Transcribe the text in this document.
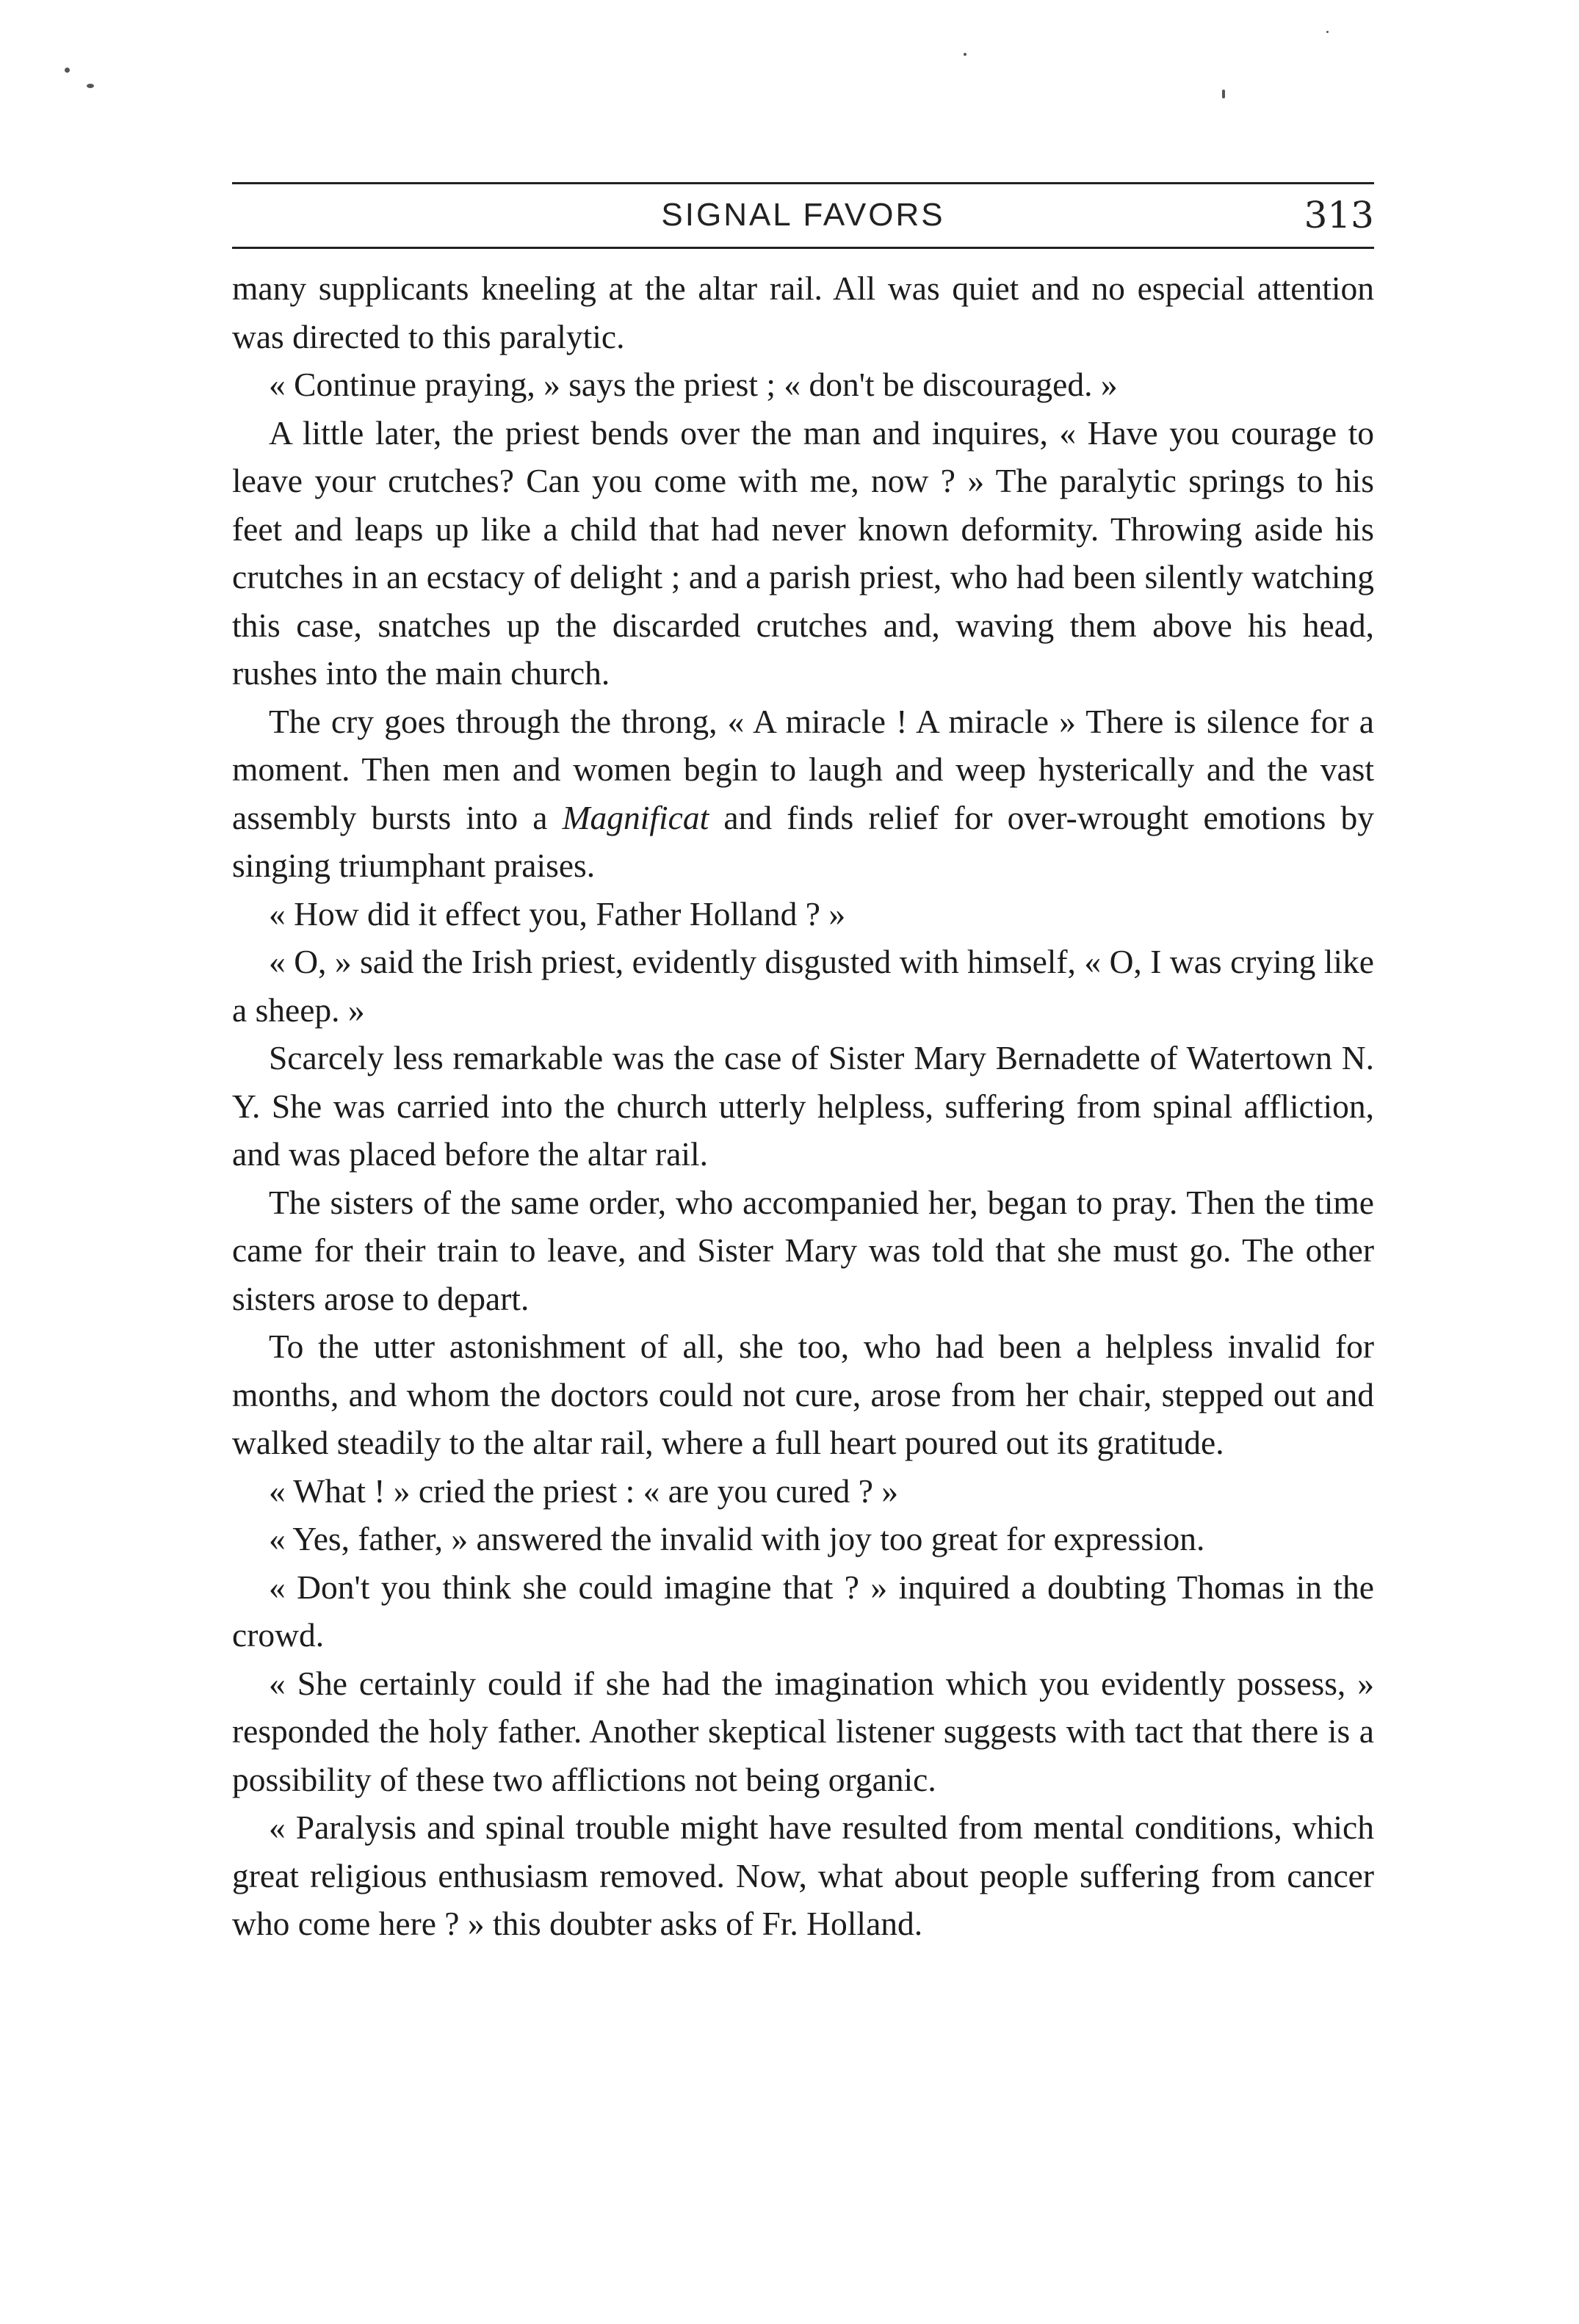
SIGNAL FAVORS	313

many supplicants kneeling at the altar rail. All was quiet and no especial attention was directed to this paralytic.

« Continue praying, » says the priest ; « don't be discouraged. »

A little later, the priest bends over the man and inquires, « Have you courage to leave your crutches? Can you come with me, now ? » The paralytic springs to his feet and leaps up like a child that had never known deformity. Throwing aside his crutches in an ecstacy of delight ; and a parish priest, who had been silently watching this case, snatches up the discarded crutches and, waving them above his head, rushes into the main church.

The cry goes through the throng, « A miracle ! A miracle » There is silence for a moment. Then men and women begin to laugh and weep hysterically and the vast assembly bursts into a Magnificat and finds relief for over-wrought emotions by singing triumphant praises.

« How did it effect you, Father Holland ? »

« O, » said the Irish priest, evidently disgusted with himself, « O, I was crying like a sheep. »

Scarcely less remarkable was the case of Sister Mary Bernadette of Watertown N. Y. She was carried into the church utterly helpless, suffering from spinal affliction, and was placed before the altar rail.

The sisters of the same order, who accompanied her, began to pray. Then the time came for their train to leave, and Sister Mary was told that she must go. The other sisters arose to depart.

To the utter astonishment of all, she too, who had been a helpless invalid for months, and whom the doctors could not cure, arose from her chair, stepped out and walked steadily to the altar rail, where a full heart poured out its gratitude.

« What ! » cried the priest : « are you cured ? »

« Yes, father, » answered the invalid with joy too great for expression.

« Don't you think she could imagine that ? » inquired a doubting Thomas in the crowd.

« She certainly could if she had the imagination which you evidently possess, » responded the holy father. Another skeptical listener suggests with tact that there is a possibility of these two afflictions not being organic.

« Paralysis and spinal trouble might have resulted from mental conditions, which great religious enthusiasm removed. Now, what about people suffering from cancer who come here ? » this doubter asks of Fr. Holland.
